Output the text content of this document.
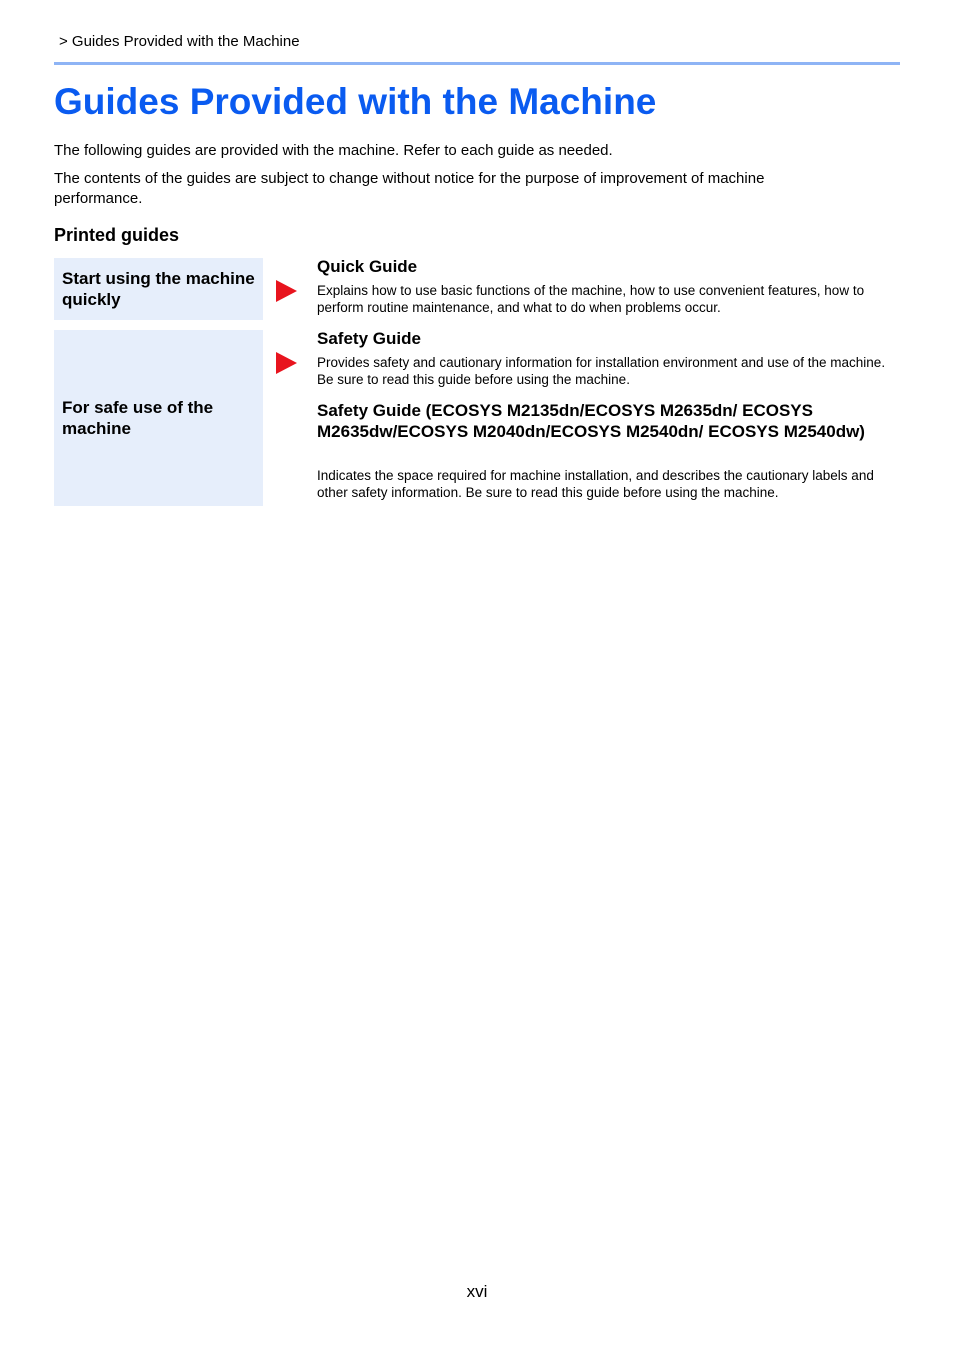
> Guides Provided with the Machine
Guides Provided with the Machine

The following guides are provided with the machine. Refer to each guide as needed.

The contents of the guides are subject to change without notice for the purpose of improvement of machine performance.

Printed guides
Start using the machine quickly
For safe use of the machine
Quick Guide

Explains how to use basic functions of the machine, how to use convenient features, how to perform routine maintenance, and what to do when problems occur.

Safety Guide

Provides safety and cautionary information for installation environment and use of the machine. Be sure to read this guide before using the machine.

Safety Guide (ECOSYS M2135dn/ECOSYS M2635dn/ ECOSYS M2635dw/ECOSYS M2040dn/ECOSYS M2540dn/ ECOSYS M2540dw)

Indicates the space required for machine installation, and describes the cautionary labels and other safety information. Be sure to read this guide before using the machine.

xvi
